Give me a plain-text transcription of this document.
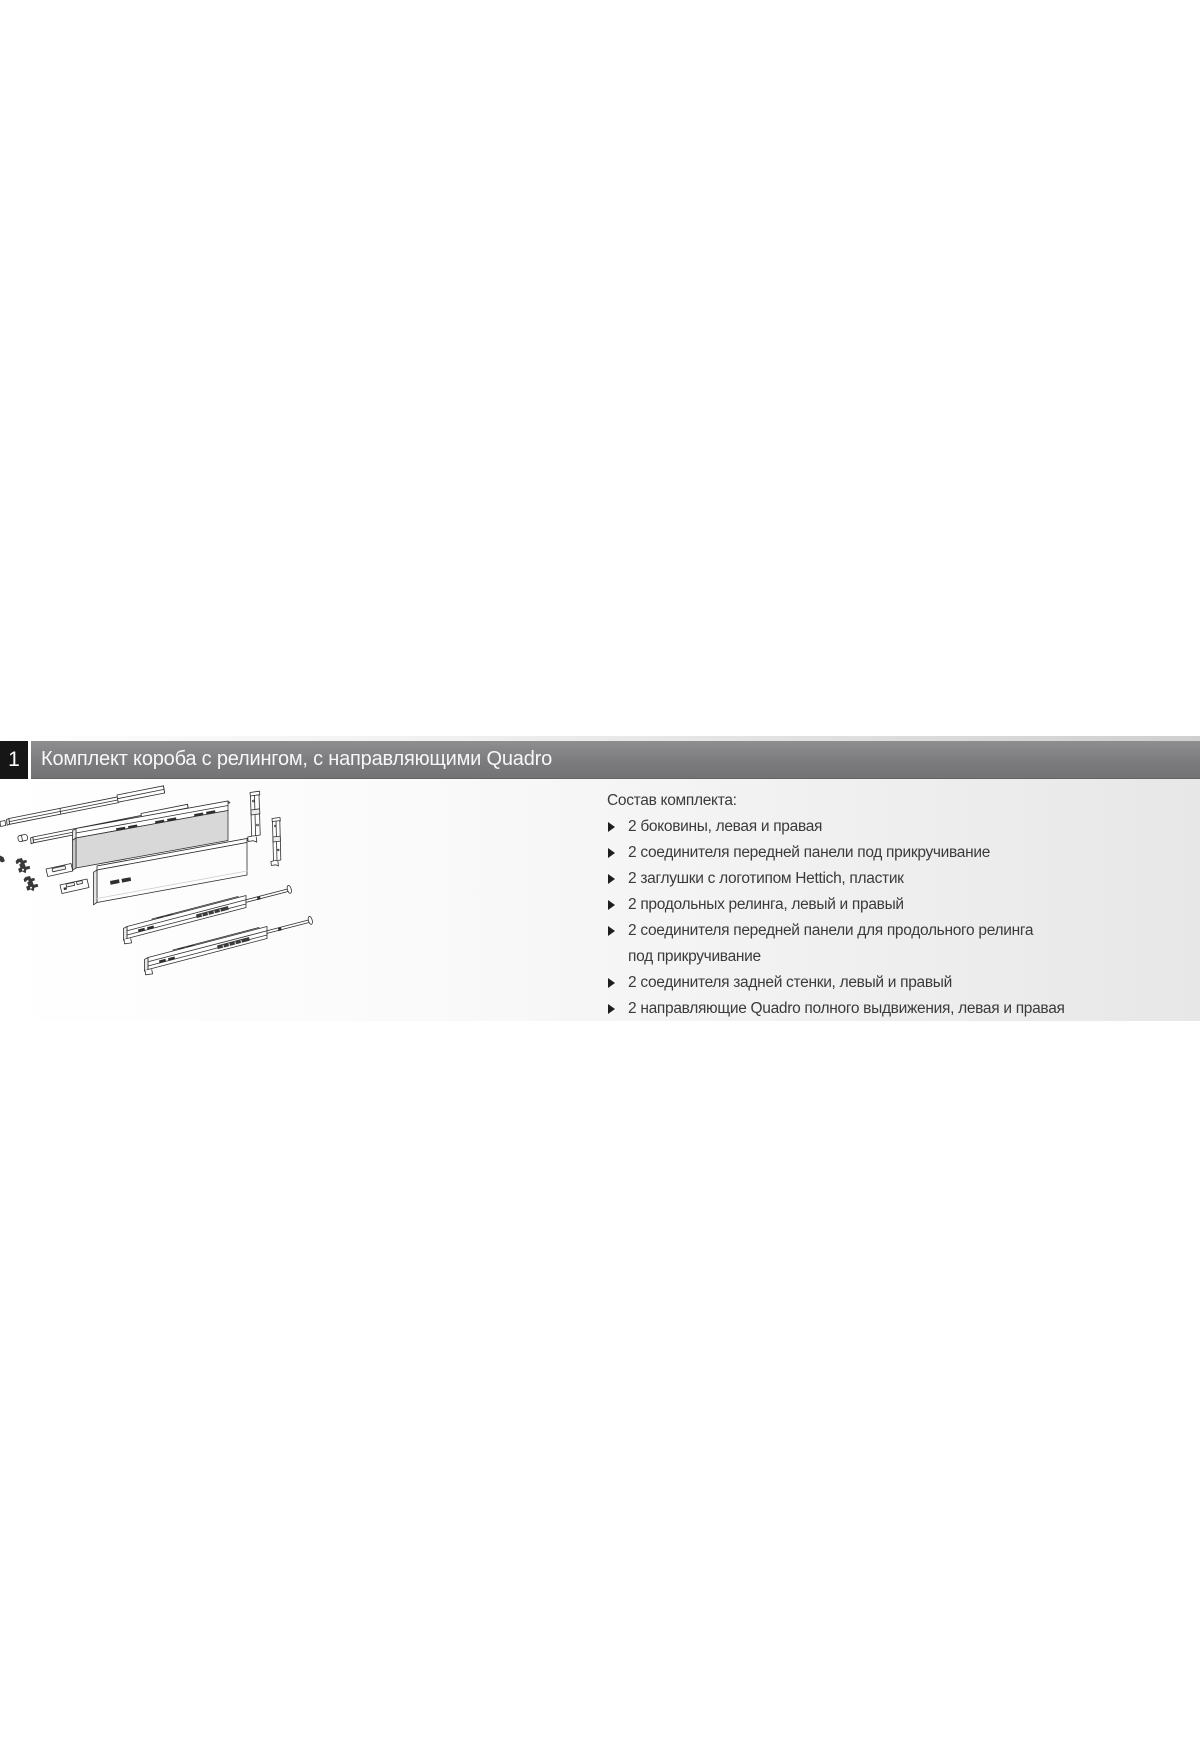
1	Комплект короба с релингом, с направляющими Quadro
Состав комплекта:
2 боковины, левая и правая
2 соединителя передней панели под прикручивание
2 заглушки с логотипом Hettich, пластик
2 продольных релинга, левый и правый
2 соединителя передней панели для продольного релинга
под прикручивание
2 соединителя задней стенки, левый и правый
2 направляющие Quadro полного выдвижения, левая и правая
